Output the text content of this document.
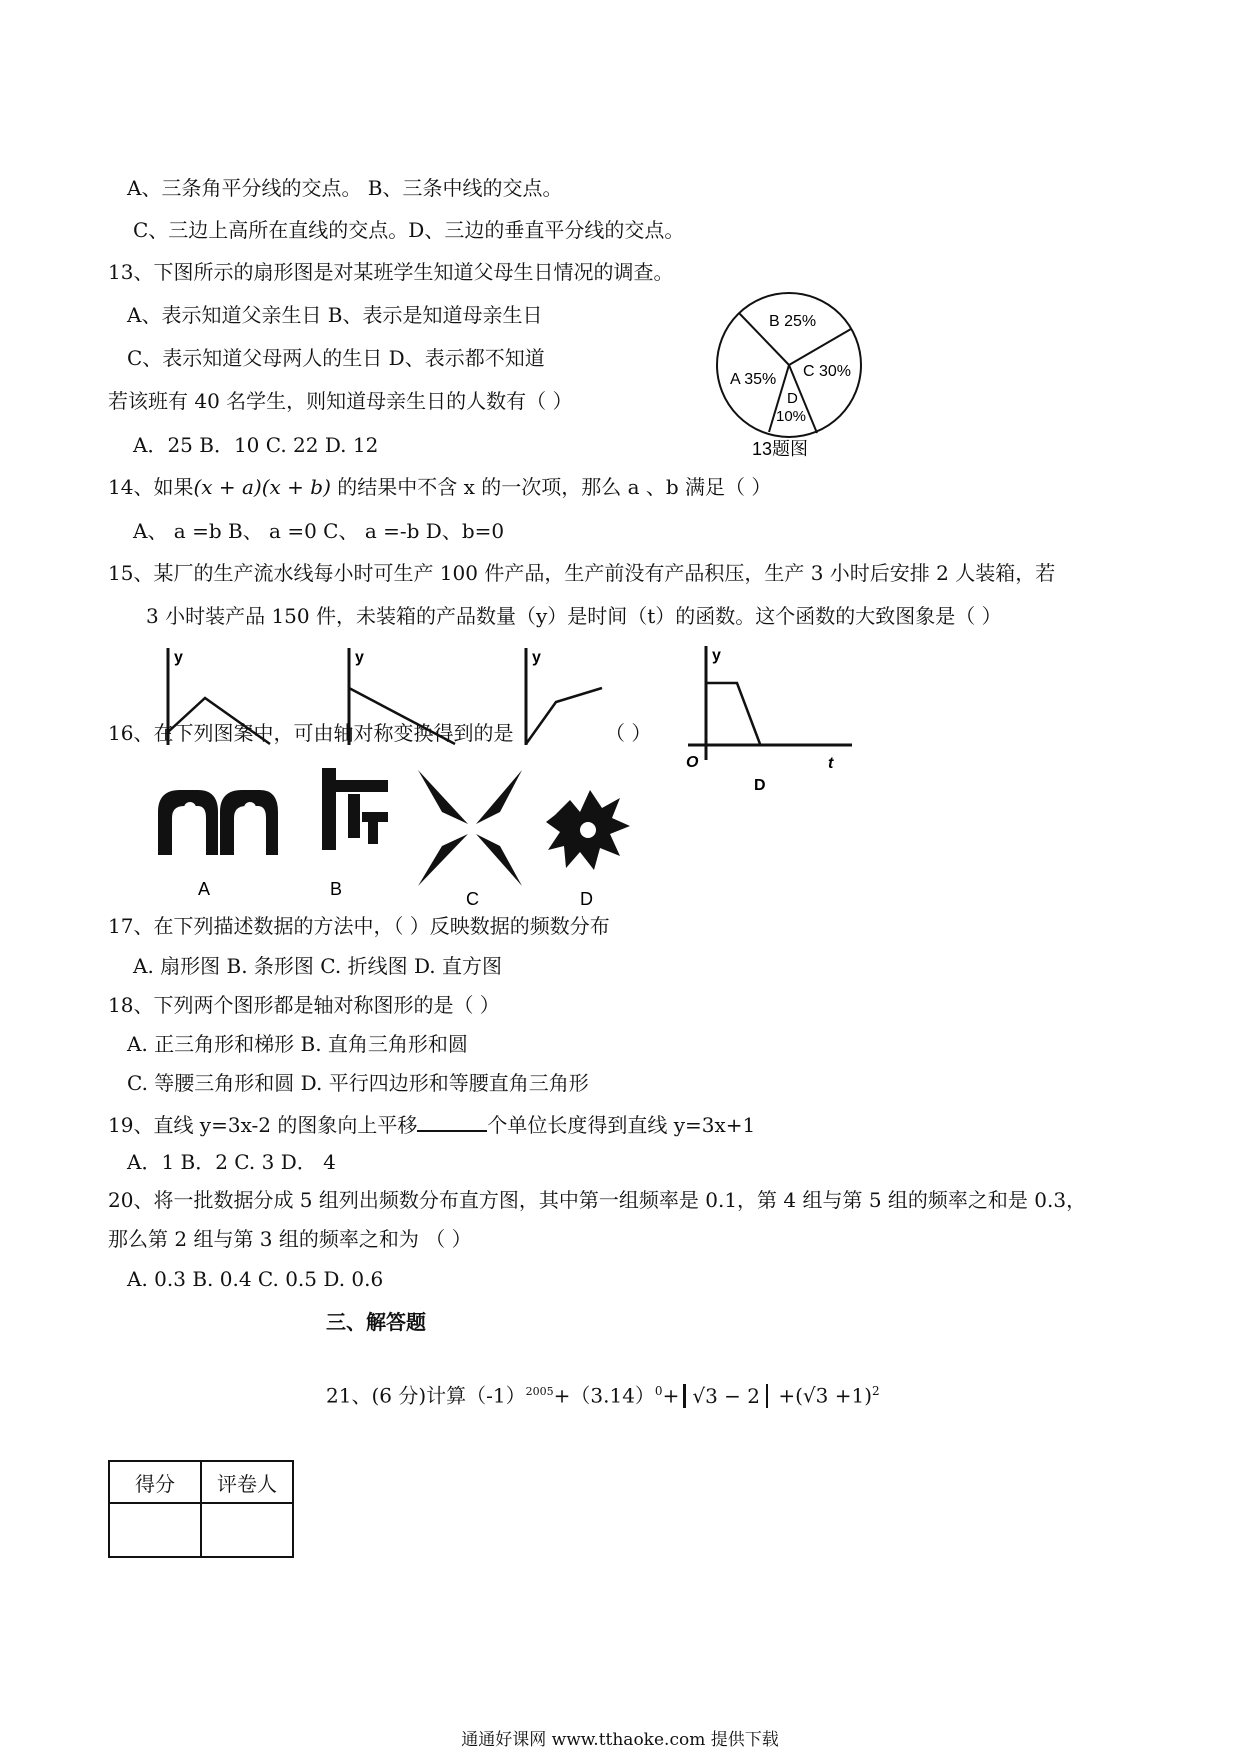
A、三条角平分线的交点。 B、三条中线的交点。
C、三边上高所在直线的交点。D、三边的垂直平分线的交点。
13、下图所示的扇形图是对某班学生知道父母生日情况的调查。
A、表示知道父亲生日 B、表示是知道母亲生日
C、表示知道父母两人的生日 D、表示都不知道
若该班有 40 名学生，则知道母亲生日的人数有（ ）
A．25 B．10 C. 22 D. 12
B 25%
A 35% C 30%
D
10%
13题图
14、如果(x + a)(x + b) 的结果中不含 x 的一次项，那么 a 、b 满足（ ）
A、 a =b B、 a =0 C、 a =-b D、b=0
15、某厂的生产流水线每小时可生产 100 件产品，生产前没有产品积压，生产 3 小时后安排 2 人装箱，若
3 小时装产品 150 件，未装箱的产品数量（y）是时间（t）的函数。这个函数的大致图象是（ ）
y	y	y	y
O	t
D
16、在下列图案中，可由轴对称变换得到的是	（ ）
A	B	C	D
17、在下列描述数据的方法中，（ ）反映数据的频数分布
A. 扇形图 B. 条形图 C. 折线图 D. 直方图
18、下列两个图形都是轴对称图形的是（ ）
A. 正三角形和梯形 B. 直角三角形和圆
C. 等腰三角形和圆 D. 平行四边形和等腰直角三角形
19、直线 y=3x-2 的图象向上平移	个单位长度得到直线 y=3x+1
A．1 B．2 C. 3 D． 4
20、将一批数据分成 5 组列出频数分布直方图，其中第一组频率是 0.1，第 4 组与第 5 组的频率之和是 0.3，
那么第 2 组与第 3 组的频率之和为 （ ）
A. 0.3 B. 0.4 C. 0.5 D. 0.6
得分	评卷人

三、解答题
21、(6 分)计算$(-1)^{2005}+(3.14)^0+ √3 - 2 +(√3 +1)^2$
通通好课网 www.tthaoke.com 提供下载
